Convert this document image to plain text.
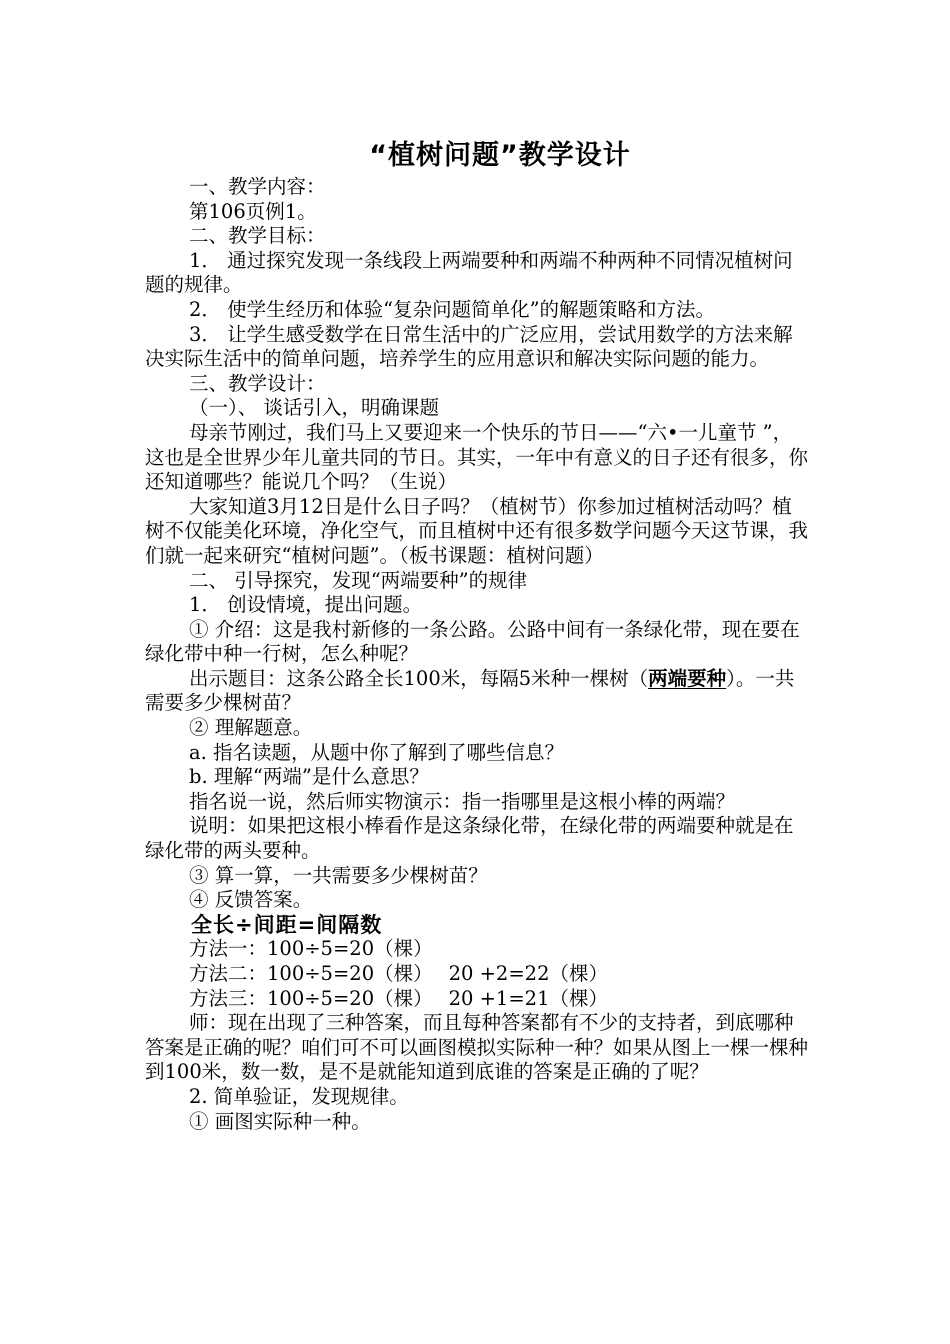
“植树问题”教学设计

一、教学内容：

第106页例1。

二、教学目标：

1． 通过探究发现一条线段上两端要种和两端不种两种不同情况植树问题的规律。

2． 使学生经历和体验“复杂问题简单化”的解题策略和方法。

3． 让学生感受数学在日常生活中的广泛应用，尝试用数学的方法来解决实际生活中的简单问题，培养学生的应用意识和解决实际问题的能力。

三、教学设计：

（一）、 谈话引入，明确课题

母亲节刚过，我们马上又要迎来一个快乐的节日——“六•一儿童节 ”，这也是全世界少年儿童共同的节日。其实，一年中有意义的日子还有很多，你还知道哪些？能说几个吗？（生说）

大家知道3月12日是什么日子吗？（植树节）你参加过植树活动吗？植树不仅能美化环境，净化空气，而且植树中还有很多数学问题今天这节课，我们就一起来研究“植树问题”。（板书课题：植树问题）

二、 引导探究，发现“两端要种”的规律

1． 创设情境，提出问题。

① 介绍：这是我村新修的一条公路。公路中间有一条绿化带，现在要在绿化带中种一行树，怎么种呢？

出示题目：这条公路全长100米，每隔5米种一棵树（两端要种）。一共需要多少棵树苗？

② 理解题意。

a. 指名读题，从题中你了解到了哪些信息？

b. 理解“两端”是什么意思？

指名说一说，然后师实物演示：指一指哪里是这根小棒的两端？

说明：如果把这根小棒看作是这条绿化带，在绿化带的两端要种就是在绿化带的两头要种。

③ 算一算，一共需要多少棵树苗？

④ 反馈答案。

全长÷间距=间隔数

方法一：100÷5=20（棵）

方法二：100÷5=20（棵）　 20 +2=22（棵）

方法三：100÷5=20（棵）　 20 +1=21（棵）

师：现在出现了三种答案，而且每种答案都有不少的支持者，到底哪种答案是正确的呢？咱们可不可以画图模拟实际种一种？如果从图上一棵一棵种到100米，数一数，是不是就能知道到底谁的答案是正确的了呢？

2. 简单验证，发现规律。

① 画图实际种一种。
